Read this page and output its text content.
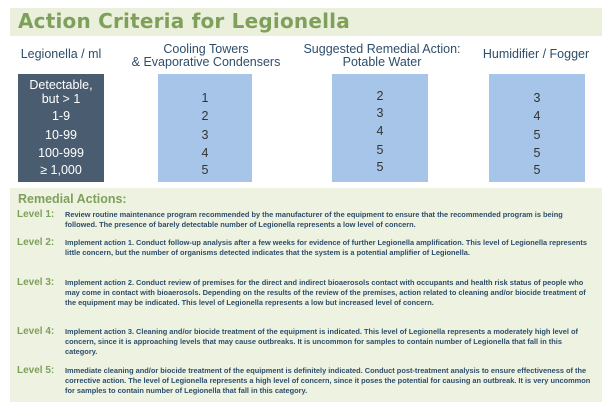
Action Criteria for Legionella
Legionella / ml	Cooling Towers
& Evaporative Condensers
Suggested Remedial Action:
Potable Water
Humidifier / Fogger
Detectable,
but > 1
1-9
10-99
100-999
≥ 1,000
1
2
3
4
5
2
3
4
5
5
3
4
5
5
5
Remedial Actions:
Level 1: Review routine maintenance program recommended by the manufacturer of the equipment to ensure that the recommended program is being followed. The presence of barely detectable number of Legionella represents a low level of concern.
Level 2: Implement action 1. Conduct follow-up analysis after a few weeks for evidence of further Legionella amplification. This level of Legionella represents little concern, but the number of organisms detected indicates that the system is a potential amplifier of Legionella.
Level 3: Implement action 2. Conduct review of premises for the direct and indirect bioaerosols contact with occupants and health risk status of people who may come in contact with bioaerosols. Depending on the results of the review of the premises, action related to cleaning and/or biocide treatment of the equipment may be indicated. This level of Legionella represents a low but increased level of concern.
Level 4: Implement action 3. Cleaning and/or biocide treatment of the equipment is indicated. This level of Legionella represents a moderately high level of concern, since it is approaching levels that may cause outbreaks. It is uncommon for samples to contain number of Legionella that fall in this category.
Level 5: Immediate cleaning and/or biocide treatment of the equipment is definitely indicated. Conduct post-treatment analysis to ensure effectiveness of the corrective action. The level of Legionella represents a high level of concern, since it poses the potential for causing an outbreak. It is very uncommon for samples to contain number of Legionella that fall in this category.
